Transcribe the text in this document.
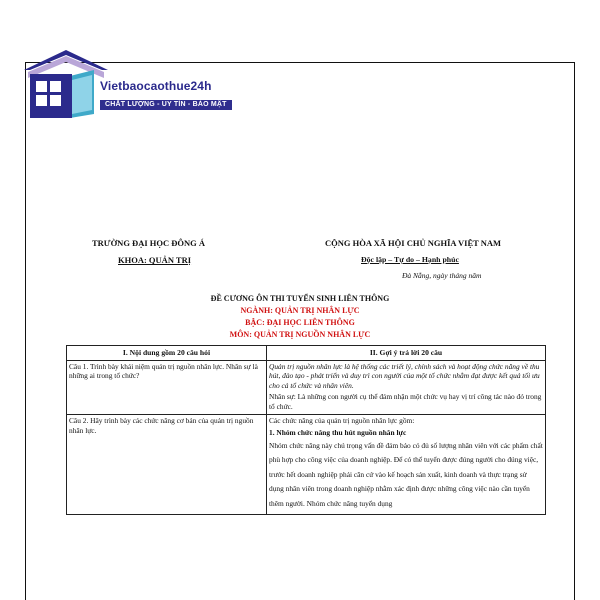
Vietbaocaothue24h
CHẤT LƯỢNG - UY TÍN - BẢO MẬT
TRƯỜNG ĐẠI HỌC ĐÔNG Á
KHOA: QUẢN TRỊ
CỘNG HÒA XÃ HỘI CHỦ NGHĨA VIỆT NAM
Độc lập – Tự do – Hạnh phúc
Đà Nẵng, ngày tháng năm
ĐỀ CƯƠNG ÔN THI TUYỂN SINH LIÊN THÔNG
NGÀNH: QUẢN TRỊ NHÂN LỰC
BẬC: ĐẠI HỌC LIÊN THÔNG
MÔN: QUẢN TRỊ NGUỒN NHÂN LỰC
I. Nội dung gồm 20 câu hỏi	II. Gợi ý trả lời 20 câu
Câu 1. Trình bày khái niệm quản trị nguồn nhân lực. Nhân sự là những ai trong tổ chức?	Quản trị nguồn nhân lực là hệ thống các triết lý, chính sách và hoạt động chức năng về thu hút, đào tạo - phát triển và duy trì con người của một tổ chức nhằm đạt được kết quả tối ưu cho cả tổ chức và nhân viên.

Nhân sự: Là những con người cụ thể đảm nhận một chức vụ hay vị trí công tác nào đó trong tổ chức.

Câu 2. Hãy trình bày các chức năng cơ bản của quản trị nguồn nhân lực.	Các chức năng của quản trị nguồn nhân lực gồm:

1. Nhóm chức năng thu hút nguồn nhân lực

Nhóm chức năng này chú trọng vấn đề đảm bảo có đủ số lượng nhân viên với các phẩm chất phù hợp cho công việc của doanh nghiệp. Để có thể tuyển được đúng người cho đúng việc, trước hết doanh nghiệp phải căn cứ vào kế hoạch sản xuất, kinh doanh và thực trạng sử dụng nhân viên trong doanh nghiệp nhằm xác định được những công việc nào cần tuyển thêm người. Nhóm chức năng tuyển dụng
